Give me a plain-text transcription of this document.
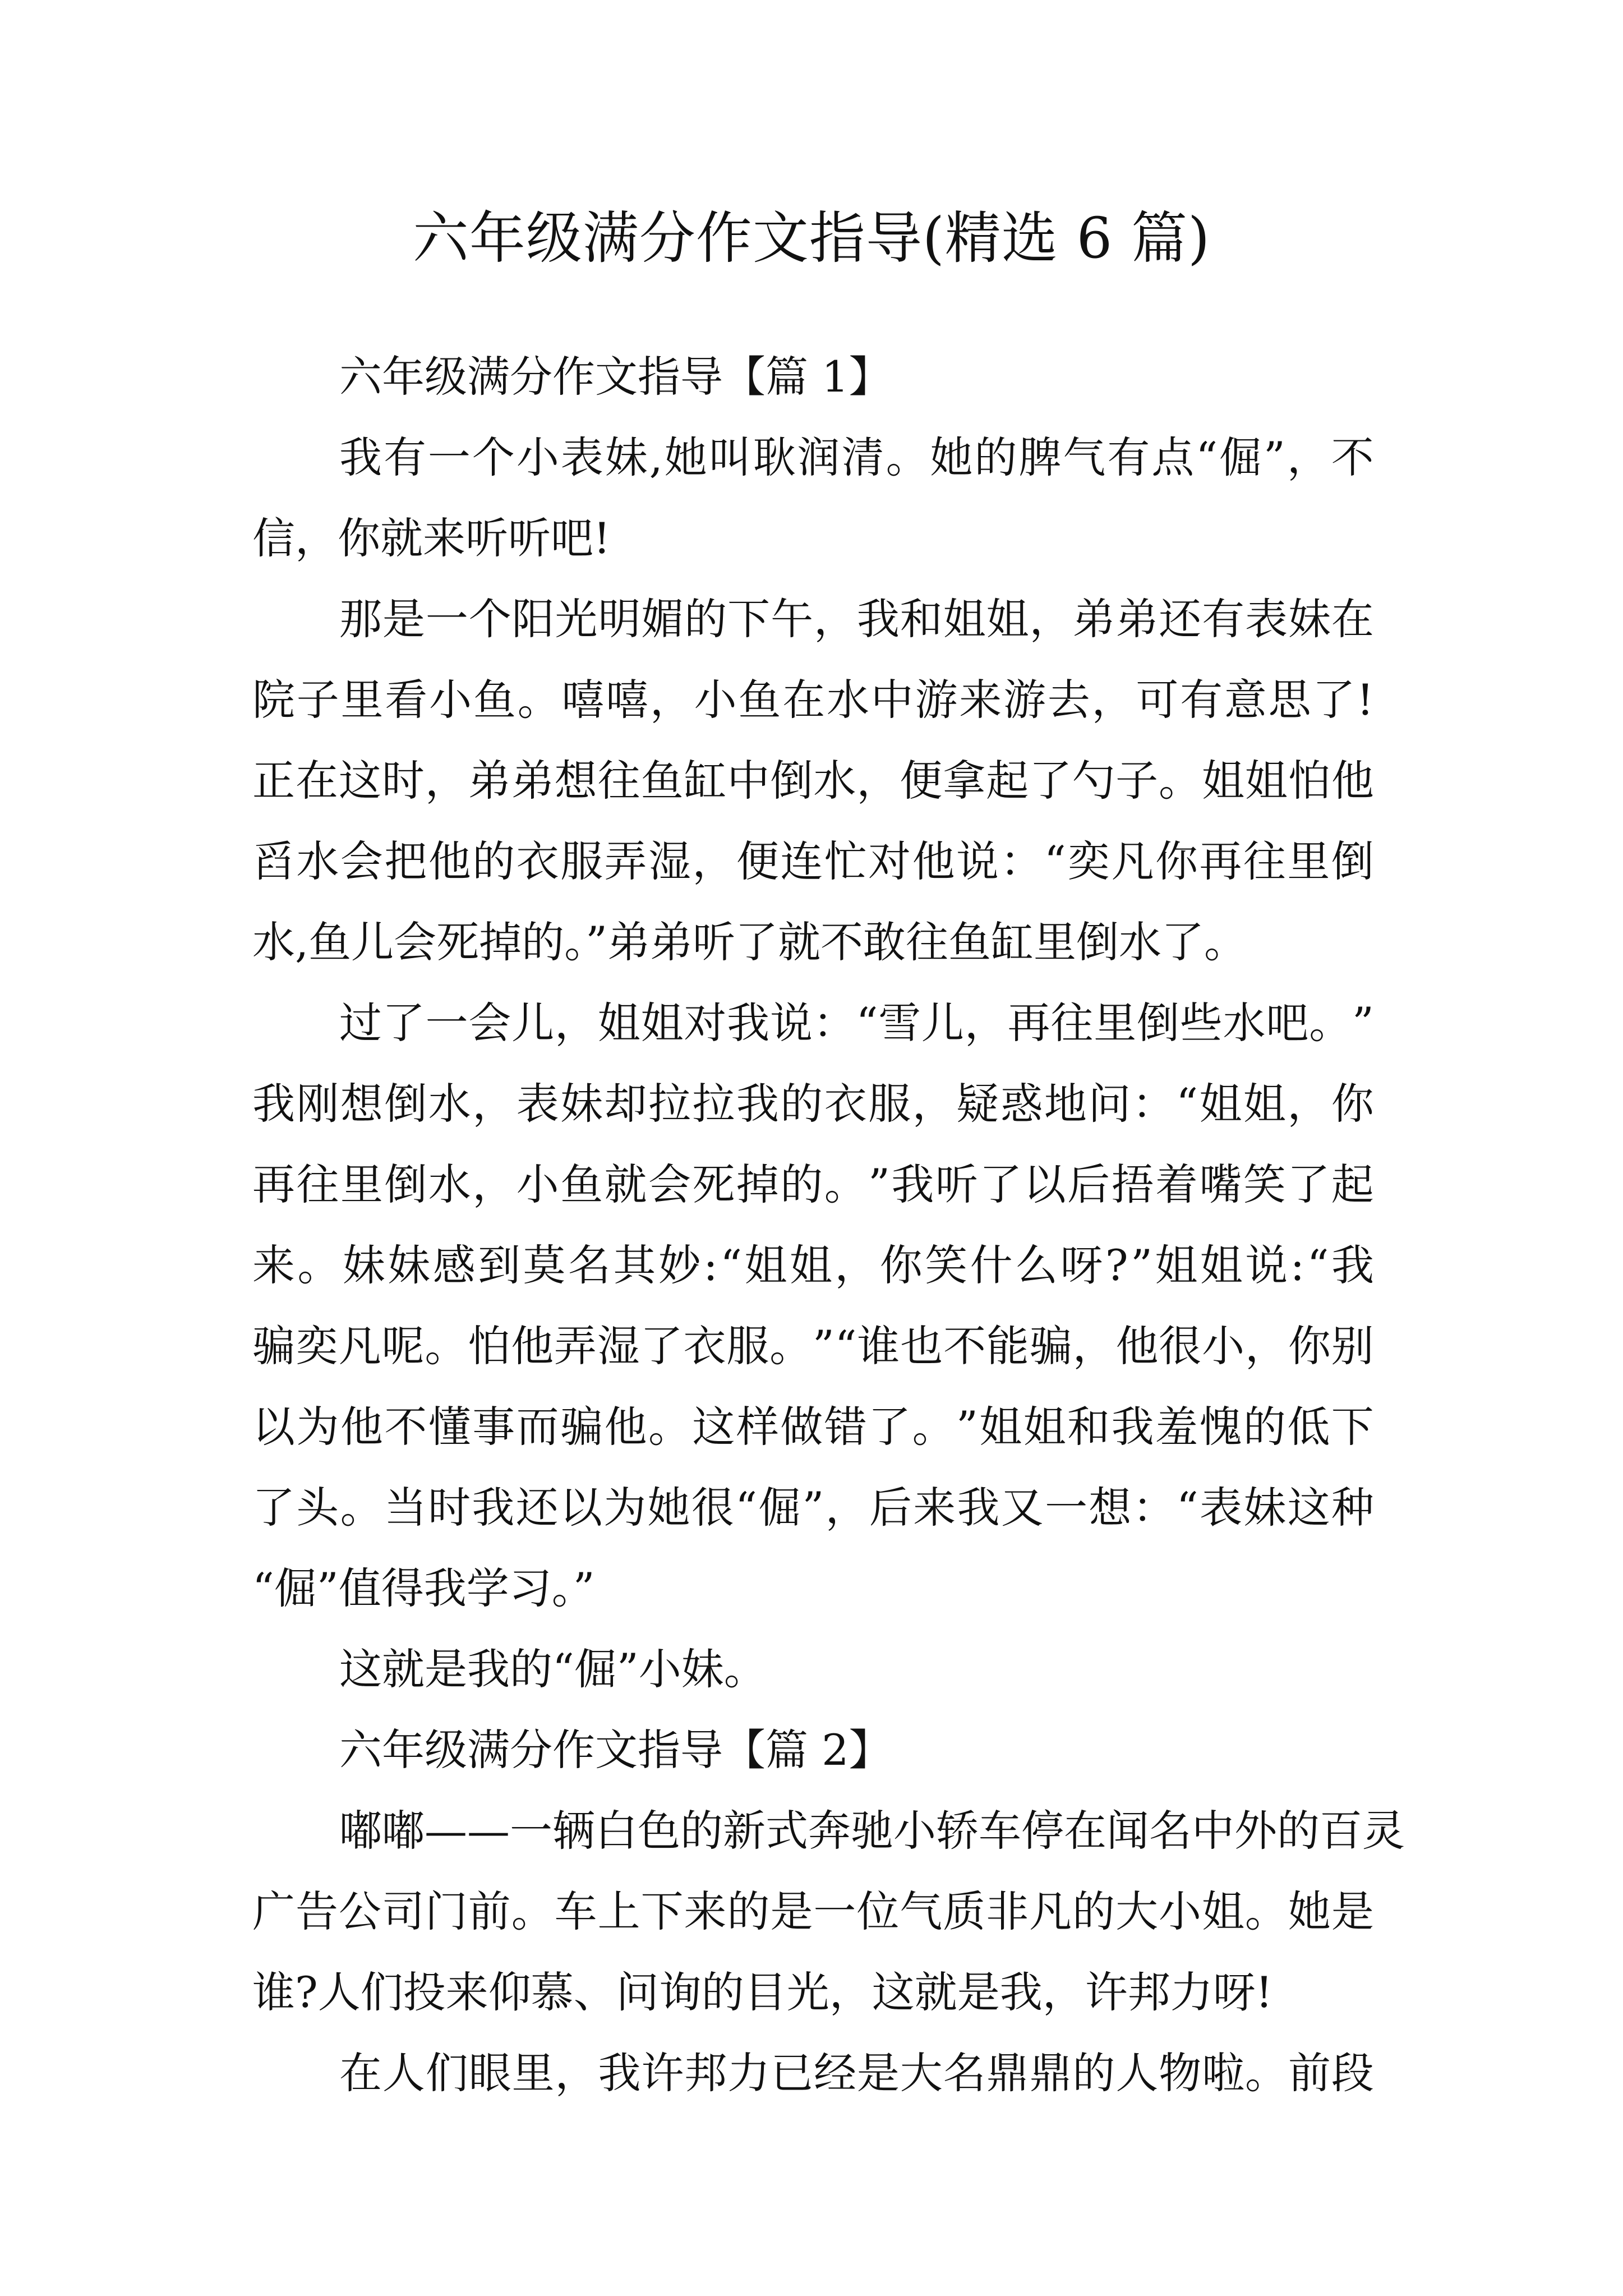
六年级满分作文指导(精选 6 篇)
六年级满分作文指导【篇 1】
我 有 一 个 小 表 妹 , 她 叫 耿 润 清 。 她 的 脾 气 有 点 “ 倔 ” ， 不
信，你就来听听吧!
那 是 一 个 阳 光 明 媚 的 下 午 ， 我 和 姐 姐 ， 弟 弟 还 有 表 妹 在
院 子 里 看 小 鱼 。 嘻 嘻 ， 小 鱼 在 水 中 游 来 游 去 ， 可 有 意 思 了 !
正 在 这 时 ， 弟 弟 想 往 鱼 缸 中 倒 水 ， 便 拿 起 了 勺 子 。 姐 姐 怕 他
舀 水 会 把 他 的 衣 服 弄 湿 ， 便 连 忙 对 他 说 ： “ 奕 凡 你 再 往 里 倒
水,鱼儿会死掉的。”弟弟听了就不敢往鱼缸里倒水了。
过 了 一 会 儿 ， 姐 姐 对 我 说 ： “ 雪 儿 ， 再 往 里 倒 些 水 吧 。 ”
我 刚 想 倒 水 ， 表 妹 却 拉 拉 我 的 衣 服 ， 疑 惑 地 问 ： “ 姐 姐 ， 你
再 往 里 倒 水 ， 小 鱼 就 会 死 掉 的 。 ” 我 听 了 以 后 捂 着 嘴 笑 了 起
来 。 妹 妹 感 到 莫 名 其 妙 : “ 姐 姐 ， 你 笑 什 么 呀 ? ” 姐 姐 说 : “ 我
骗 奕 凡 呢 。 怕 他 弄 湿 了 衣 服 。 ” “ 谁 也 不 能 骗 ， 他 很 小 ， 你 别
以 为 他 不 懂 事 而 骗 他 。 这 样 做 错 了 。 ” 姐 姐 和 我 羞 愧 的 低 下
了 头 。 当 时 我 还 以 为 她 很 “ 倔 ” ， 后 来 我 又 一 想 ： “ 表 妹 这 种
“倔”值得我学习。”
这就是我的“倔”小妹。
六年级满分作文指导【篇 2】
嘟 嘟 — — 一 辆 白 色 的 新 式 奔 驰 小 轿 车 停 在 闻 名 中 外 的 百 灵
广 告 公 司 门 前 。 车 上 下 来 的 是 一 位 气 质 非 凡 的 大 小 姐 。 她 是
谁?人们投来仰慕、问询的目光，这就是我，许邦力呀!
在 人 们 眼 里 ， 我 许 邦 力 已 经 是 大 名 鼎 鼎 的 人 物 啦 。 前 段
